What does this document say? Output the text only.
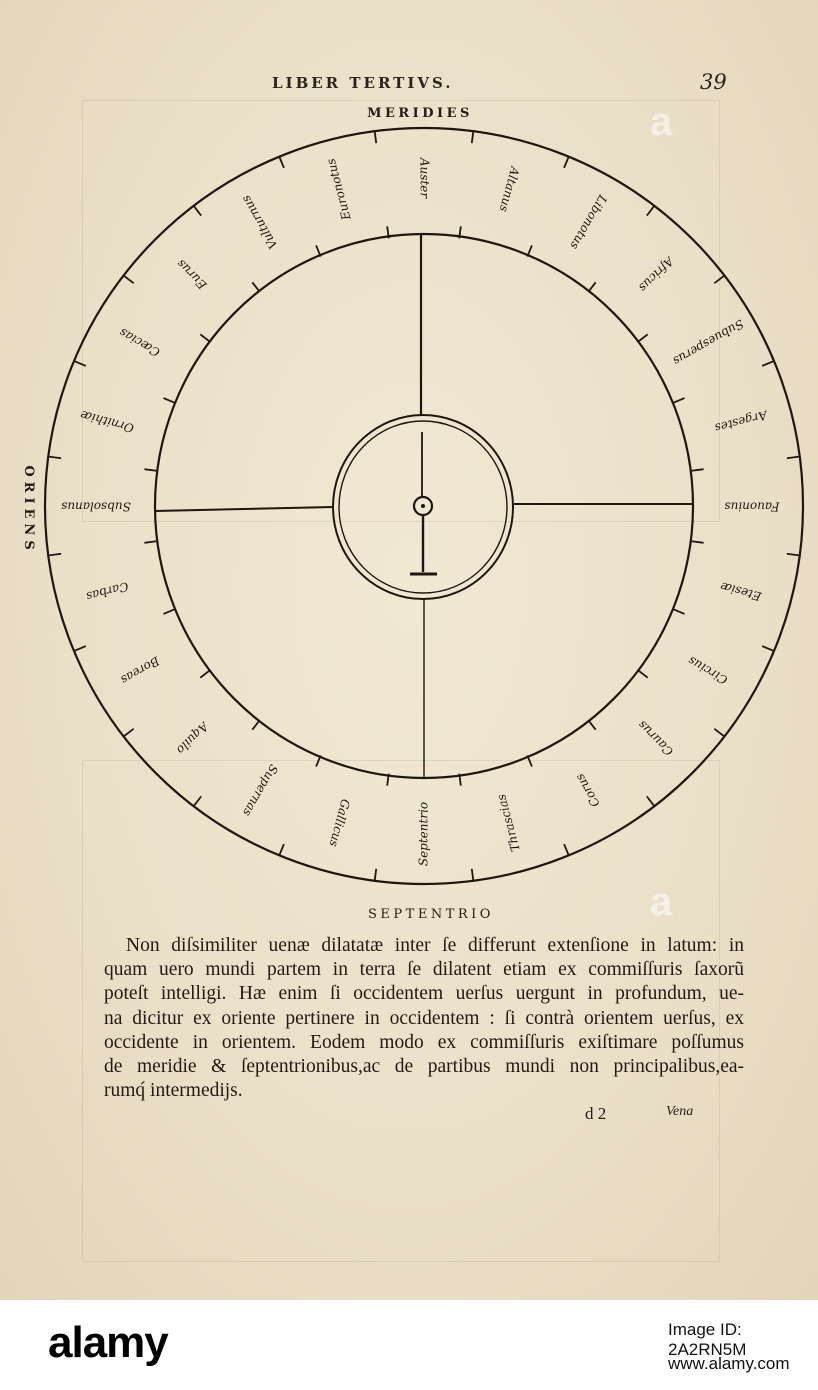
LIBER TERTIVS.	39
Auster	Altanus
Libonotus
Africus
Subuesperus
Argestes
Fauonius
Etesiæ
Circius
Caurus
Corus
Thrascias
Septentrio
Gallicus
Supernas
Aquilo
Boreas
Carbas
Subsolanus
Ornithiæ
Cæcias
Eurus
Vulturnus
Euronotus
MERIDIES
SEPTENTRIO
ORIENS
Non diſsimiliter uenæ dilatatæ inter ſe differunt extenſione in latum: in
quam uero mundi partem in terra ſe dilatent etiam ex commiſſuris ſaxorũ
poteſt intelligi. Hæ enim ſi occidentem uerſus uergunt in profundum, ue-
na dicitur ex oriente pertinere in occidentem : ſi contrà orientem uerſus, ex
occidente in orientem. Eodem modo ex commiſſuris exiſtimare poſſumus
de meridie & ſeptentrionibus,ac de partibus mundi non principalibus,ea-
rumq́ intermedijs.
d 2	Vena
a
a
alamy	Image ID: 2A2RN5M
www.alamy.com
